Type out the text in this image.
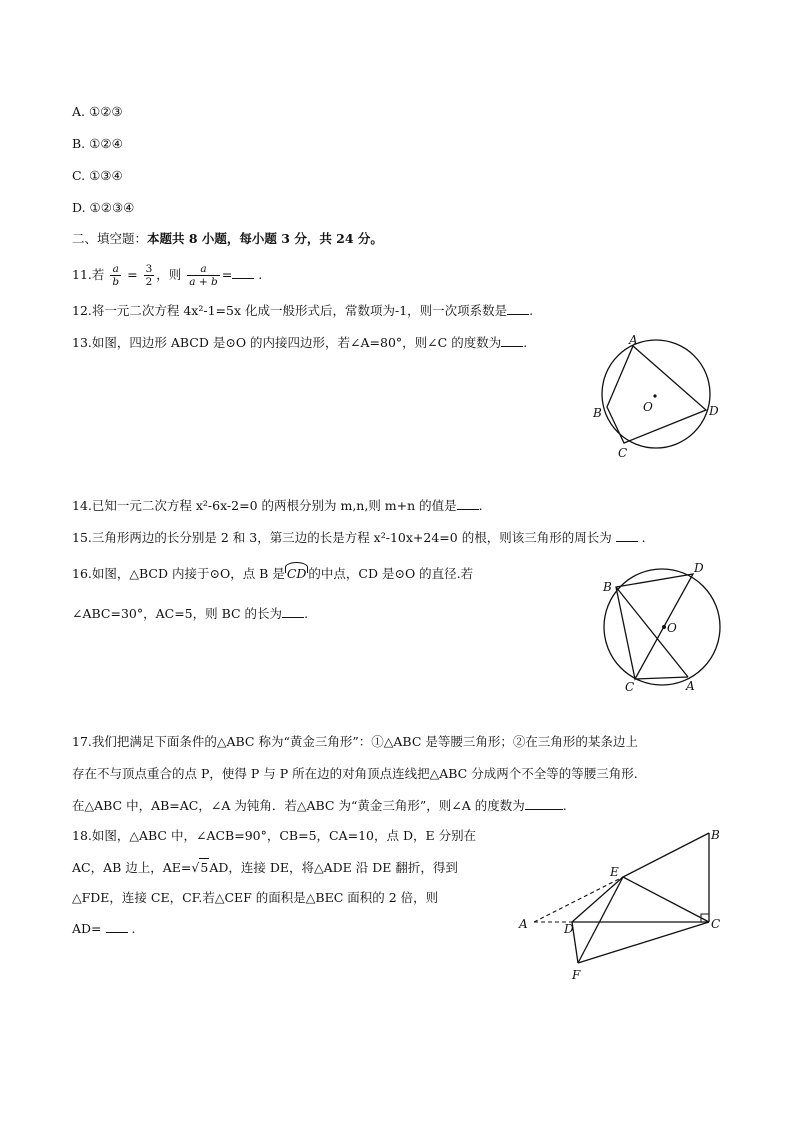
A. ①②③
B. ①②④
C. ①③④
D. ①②③④
二、填空题：本题共 8 小题，每小题 3 分，共 24 分。
11.若 $\frac{a}{b} = \frac{3}{2}$ ，则 $\frac{a}{a + b}$ = .
12.将一元二次方程 4x²-1=5x 化成一般形式后，常数项为-1，则一次项系数是 .
13.如图，四边形 ABCD 是⊙O 的内接四边形，若∠A=80°，则∠C 的度数为 .	A
D
C
B	O
14.已知一元二次方程 x²-6x-2=0 的两根分别为 m,n,则 m+n 的值是 .
15.三角形两边的长分别是 2 和 3，第三边的长是方程 x²-10x+24=0 的根，则该三角形的周长为 .
16.如图，△BCD 内接于⊙O，点 B 是 CD 的中点，CD 是⊙O 的直径.若
∠ABC=30°，AC=5，则 BC 的长为 .
D
B
O
C	A
17.我们把满足下面条件的△ABC 称为“黄金三角形”：①△ABC 是等腰三角形；②在三角形的某条边上
存在不与顶点重合的点 P，使得 P 与 P 所在边的对角顶点连线把△ABC 分成两个不全等的等腰三角形.
在△ABC 中，AB=AC，∠A 为钝角．若△ABC 为“黄金三角形”，则∠A 的度数为	.
18.如图，△ABC 中，∠ACB=90°，CB=5，CA=10，点 D，E 分别在
AC，AB 边上，AE=√5AD，连接 DE，将△ADE 沿 DE 翻折，得到
△FDE，连接 CE，CF.若△CEF 的面积是△BEC 面积的 2 倍，则
AD= .
B
E
A	D	C
F
